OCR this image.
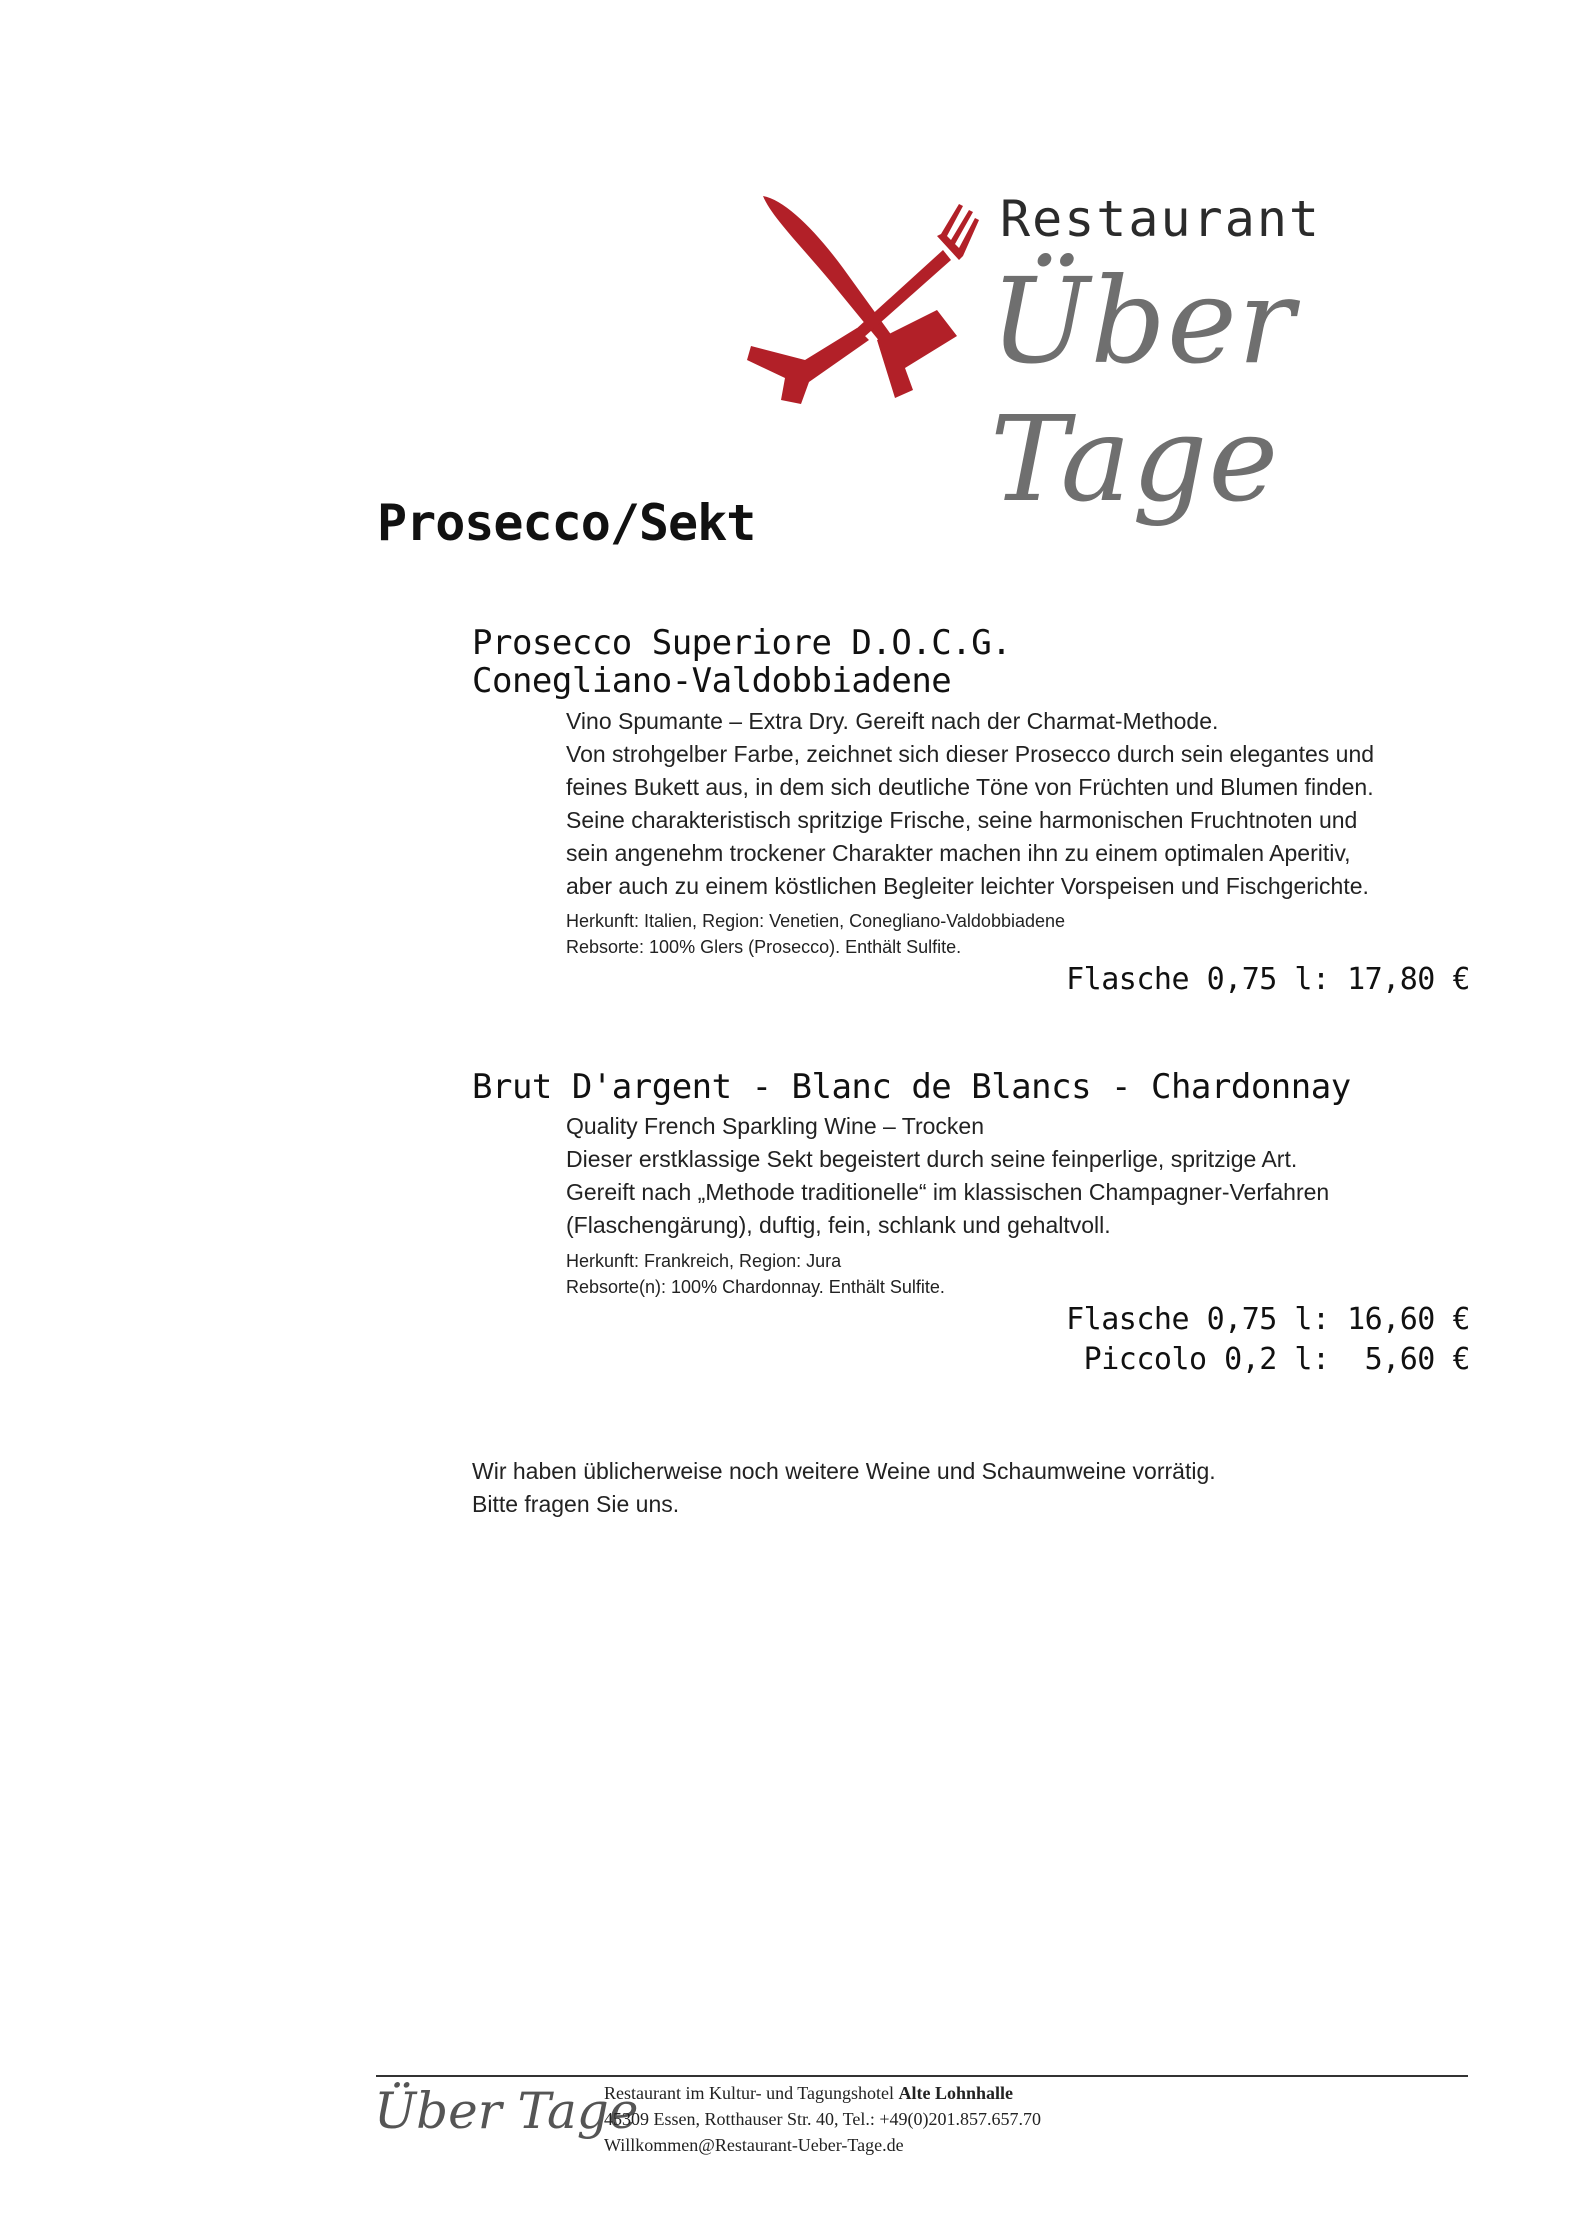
Restaurant
Über Tage
Prosecco/Sekt
Prosecco Superiore D.O.C.G.
Conegliano-Valdobbiadene

Vino Spumante – Extra Dry. Gereift nach der Charmat-Methode.

Von strohgelber Farbe, zeichnet sich dieser Prosecco durch sein elegantes und

feines Bukett aus, in dem sich deutliche Töne von Früchten und Blumen finden.

Seine charakteristisch spritzige Frische, seine harmonischen Fruchtnoten und

sein angenehm trockener Charakter machen ihn zu einem optimalen Aperitiv,

aber auch zu einem köstlichen Begleiter leichter Vorspeisen und Fischgerichte.

Herkunft: Italien, Region: Venetien, Conegliano-Valdobbiadene

Rebsorte: 100% Glers (Prosecco). Enthält Sulfite.

Flasche 0,75 l: 17,80 €
Brut D'argent - Blanc de Blancs - Chardonnay

Quality French Sparkling Wine – Trocken

Dieser erstklassige Sekt begeistert durch seine feinperlige, spritzige Art.

Gereift nach „Methode traditionelle“ im klassischen Champagner-Verfahren

(Flaschengärung), duftig, fein, schlank und gehaltvoll.

Herkunft: Frankreich, Region: Jura

Rebsorte(n): 100% Chardonnay. Enthält Sulfite.

Flasche 0,75 l: 16,60 €
Piccolo 0,2 l:  5,60 €

Wir haben üblicherweise noch weitere Weine und Schaumweine vorrätig.

Bitte fragen Sie uns.

Über Tage

Restaurant im Kultur- und Tagungshotel Alte Lohnhalle

45309 Essen, Rotthauser Str. 40, Tel.: +49(0)201.857.657.70

Willkommen@Restaurant-Ueber-Tage.de
